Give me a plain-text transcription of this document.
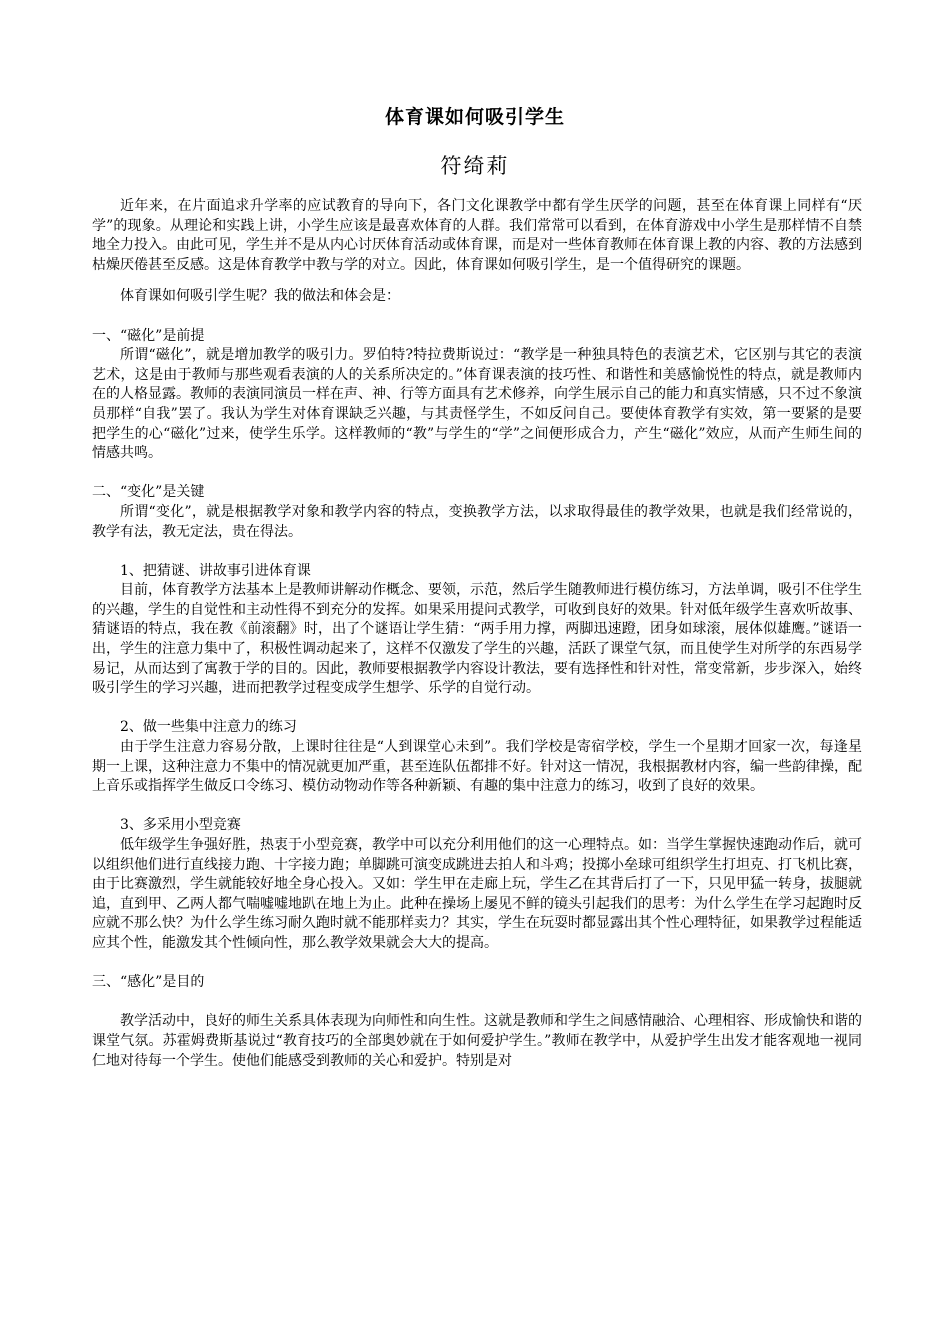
体育课如何吸引学生
符绮莉

近年来，在片面追求升学率的应试教育的导向下，各门文化课教学中都有学生厌学的问题，甚至在体育课上同样有“厌学”的现象。从理论和实践上讲，小学生应该是最喜欢体育的人群。我们常常可以看到，在体育游戏中小学生是那样情不自禁地全力投入。由此可见，学生并不是从内心讨厌体育活动或体育课，而是对一些体育教师在体育课上教的内容、教的方法感到枯燥厌倦甚至反感。这是体育教学中教与学的对立。因此，体育课如何吸引学生，是一个值得研究的课题。

体育课如何吸引学生呢？我的做法和体会是：

一、“磁化”是前提

所谓“磁化”，就是增加教学的吸引力。罗伯特?特拉费斯说过：“教学是一种独具特色的表演艺术，它区别与其它的表演艺术，这是由于教师与那些观看表演的人的关系所决定的。”体育课表演的技巧性、和谐性和美感愉悦性的特点，就是教师内在的人格显露。教师的表演同演员一样在声、神、行等方面具有艺术修养，向学生展示自己的能力和真实情感，只不过不象演员那样“自我”罢了。我认为学生对体育课缺乏兴趣，与其责怪学生，不如反问自己。要使体育教学有实效，第一要紧的是要把学生的心“磁化”过来，使学生乐学。这样教师的“教”与学生的“学”之间便形成合力，产生“磁化”效应，从而产生师生间的情感共鸣。

二、“变化”是关键

所谓“变化”，就是根据教学对象和教学内容的特点，变换教学方法，以求取得最佳的教学效果，也就是我们经常说的，教学有法，教无定法，贵在得法。

1、把猜谜、讲故事引进体育课

目前，体育教学方法基本上是教师讲解动作概念、要领，示范，然后学生随教师进行模仿练习，方法单调，吸引不住学生的兴趣，学生的自觉性和主动性得不到充分的发挥。如果采用提问式教学，可收到良好的效果。针对低年级学生喜欢听故事、猜谜语的特点，我在教《前滚翻》时，出了个谜语让学生猜：“两手用力撑，两脚迅速蹬，团身如球滚，展体似雄鹰。”谜语一出，学生的注意力集中了，积极性调动起来了，这样不仅激发了学生的兴趣，活跃了课堂气氛，而且使学生对所学的东西易学易记，从而达到了寓教于学的目的。因此，教师要根据教学内容设计教法，要有选择性和针对性，常变常新，步步深入，始终吸引学生的学习兴趣，进而把教学过程变成学生想学、乐学的自觉行动。

2、做一些集中注意力的练习

由于学生注意力容易分散，上课时往往是“人到课堂心未到”。我们学校是寄宿学校，学生一个星期才回家一次，每逢星期一上课，这种注意力不集中的情况就更加严重，甚至连队伍都排不好。针对这一情况，我根据教材内容，编一些韵律操，配上音乐或指挥学生做反口令练习、模仿动物动作等各种新颖、有趣的集中注意力的练习，收到了良好的效果。

3、多采用小型竞赛

低年级学生争强好胜，热衷于小型竞赛，教学中可以充分利用他们的这一心理特点。如：当学生掌握快速跑动作后，就可以组织他们进行直线接力跑、十字接力跑；单脚跳可演变成跳进去拍人和斗鸡；投掷小垒球可组织学生打坦克、打飞机比赛，由于比赛激烈，学生就能较好地全身心投入。又如：学生甲在走廊上玩，学生乙在其背后打了一下，只见甲猛一转身，拔腿就追，直到甲、乙两人都气喘嘘嘘地趴在地上为止。此种在操场上屡见不鲜的镜头引起我们的思考：为什么学生在学习起跑时反应就不那么快？为什么学生练习耐久跑时就不能那样卖力？其实，学生在玩耍时都显露出其个性心理特征，如果教学过程能适应其个性，能激发其个性倾向性，那么教学效果就会大大的提高。

三、“感化”是目的

教学活动中，良好的师生关系具体表现为向师性和向生性。这就是教师和学生之间感情融洽、心理相容、形成愉快和谐的课堂气氛。苏霍姆费斯基说过“教育技巧的全部奥妙就在于如何爱护学生。”教师在教学中，从爱护学生出发才能客观地一视同仁地对待每一个学生。使他们能感受到教师的关心和爱护。特别是对
